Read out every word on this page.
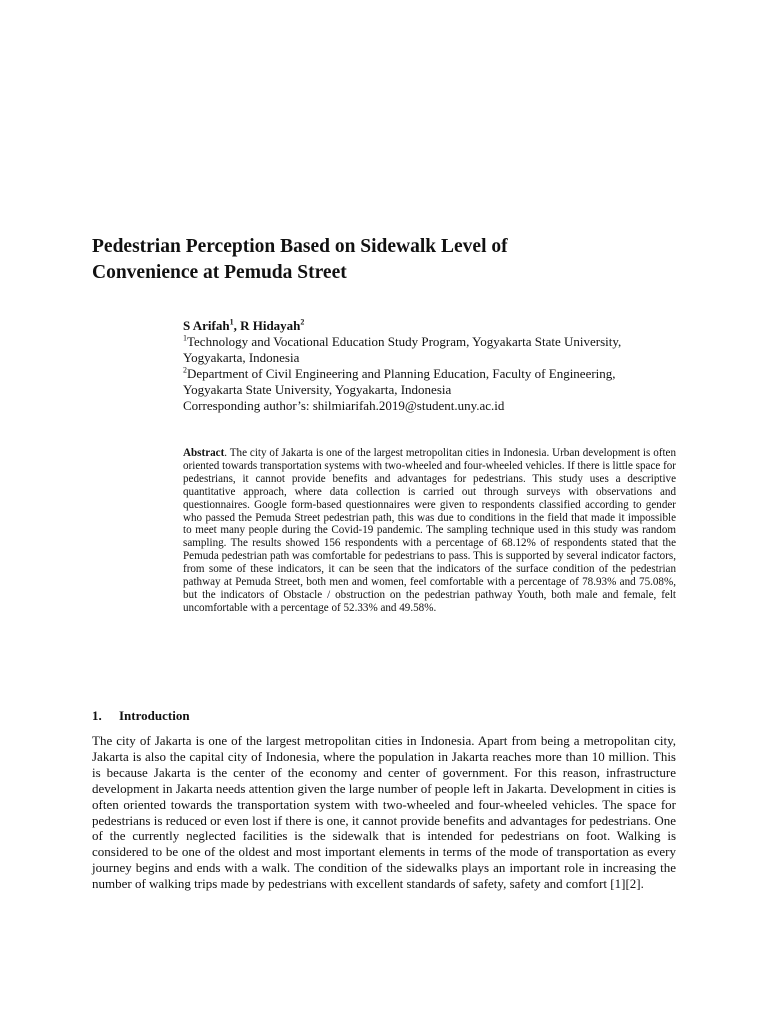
Pedestrian Perception Based on Sidewalk Level of
Convenience at Pemuda Street
S Arifah$^1$, R Hidayah$^2$
$^1$Technology and Vocational Education Study Program, Yogyakarta State University,
Yogyakarta, Indonesia
$^2$Department of Civil Engineering and Planning Education, Faculty of Engineering,
Yogyakarta State University, Yogyakarta, Indonesia
Corresponding author’s: shilmiarifah.2019@student.uny.ac.id

Abstract. The city of Jakarta is one of the largest metropolitan cities in Indonesia. Urban development is often oriented towards transportation systems with two-wheeled and four-wheeled vehicles. If there is little space for pedestrians, it cannot provide benefits and advantages for pedestrians. This study uses a descriptive quantitative approach, where data collection is carried out through surveys with observations and questionnaires. Google form-based questionnaires were given to respondents classified according to gender who passed the Pemuda Street pedestrian path, this was due to conditions in the field that made it impossible to meet many people during the Covid-19 pandemic. The sampling technique used in this study was random sampling. The results showed 156 respondents with a percentage of 68.12% of respondents stated that the Pemuda pedestrian path was comfortable for pedestrians to pass. This is supported by several indicator factors, from some of these indicators, it can be seen that the indicators of the surface condition of the pedestrian pathway at Pemuda Street, both men and women, feel comfortable with a percentage of 78.93% and 75.08%, but the indicators of Obstacle / obstruction on the pedestrian pathway Youth, both male and female, felt uncomfortable with a percentage of 52.33% and 49.58%.

1. Introduction

The city of Jakarta is one of the largest metropolitan cities in Indonesia. Apart from being a metropolitan city, Jakarta is also the capital city of Indonesia, where the population in Jakarta reaches more than 10 million. This is because Jakarta is the center of the economy and center of government. For this reason, infrastructure development in Jakarta needs attention given the large number of people left in Jakarta. Development in cities is often oriented towards the transportation system with two-wheeled and four-wheeled vehicles. The space for pedestrians is reduced or even lost if there is one, it cannot provide benefits and advantages for pedestrians. One of the currently neglected facilities is the sidewalk that is intended for pedestrians on foot. Walking is considered to be one of the oldest and most important elements in terms of the mode of transportation as every journey begins and ends with a walk. The condition of the sidewalks plays an important role in increasing the number of walking trips made by pedestrians with excellent standards of safety, safety and comfort [1][2].
